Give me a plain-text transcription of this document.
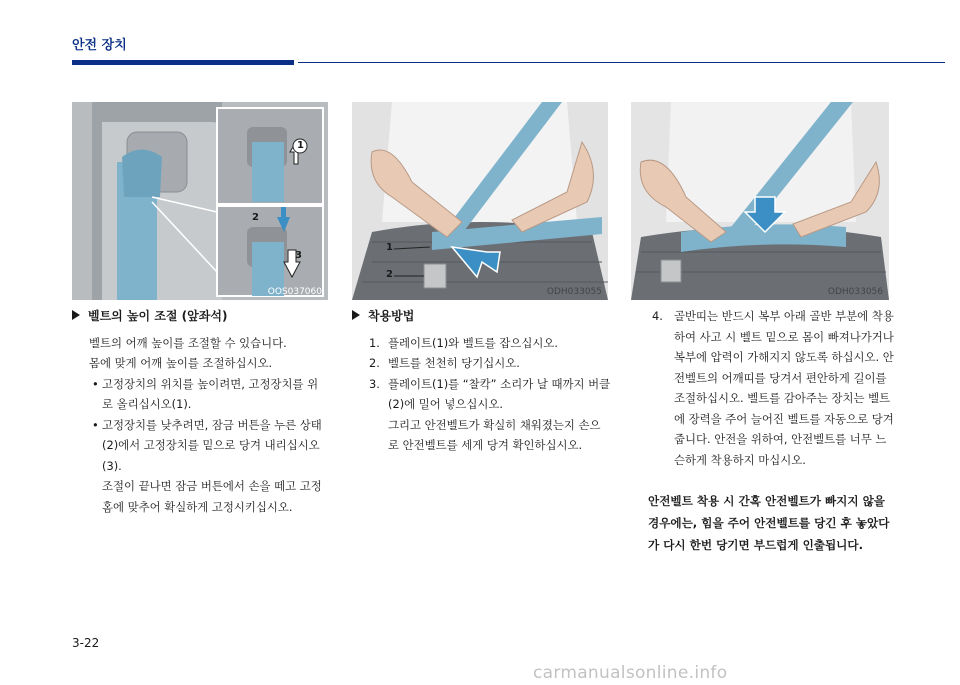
안전 장치
1
2
3
OOS037060
1
2
ODH033055	ODH033056
벨트의 높이 조절 (앞좌석)
벨트의 어깨 높이를 조절할 수 있습니다.
몸에 맞게 어깨 높이를 조절하십시오.
• 고정장치의 위치를 높이려면, 고정장치를 위
로 올리십시오(1).
• 고정장치를 낮추려면, 잠금 버튼을 누른 상태
(2)에서 고정장치를 밑으로 당겨 내리십시오
(3).
조절이 끝나면 잠금 버튼에서 손을 떼고 고정
홈에 맞추어 확실하게 고정시키십시오.
착용방법
1. 플레이트(1)와 벨트를 잡으십시오.
2. 벨트를 천천히 당기십시오.
3. 플레이트(1)를 “찰칵” 소리가 날 때까지 버클
(2)에 밀어 넣으십시오.
그리고 안전벨트가 확실히 채워졌는지 손으
로 안전벨트를 세게 당겨 확인하십시오.
4. 골반띠는 반드시 복부 아래 골반 부분에 착용
하여 사고 시 벨트 밑으로 몸이 빠져나가거나
복부에 압력이 가해지지 않도록 하십시오. 안
전벨트의 어깨띠를 당겨서 편안하게 길이를
조절하십시오. 벨트를 감아주는 장치는 벨트
에 장력을 주어 늘어진 벨트를 자동으로 당겨
줍니다. 안전을 위하여, 안전벨트를 너무 느
슨하게 착용하지 마십시오.
안전벨트 착용 시 간혹 안전벨트가 빠지지 않을
경우에는, 힘을 주어 안전벨트를 당긴 후 놓았다
가 다시 한번 당기면 부드럽게 인출됩니다.
3-22
carmanualsonline.info
